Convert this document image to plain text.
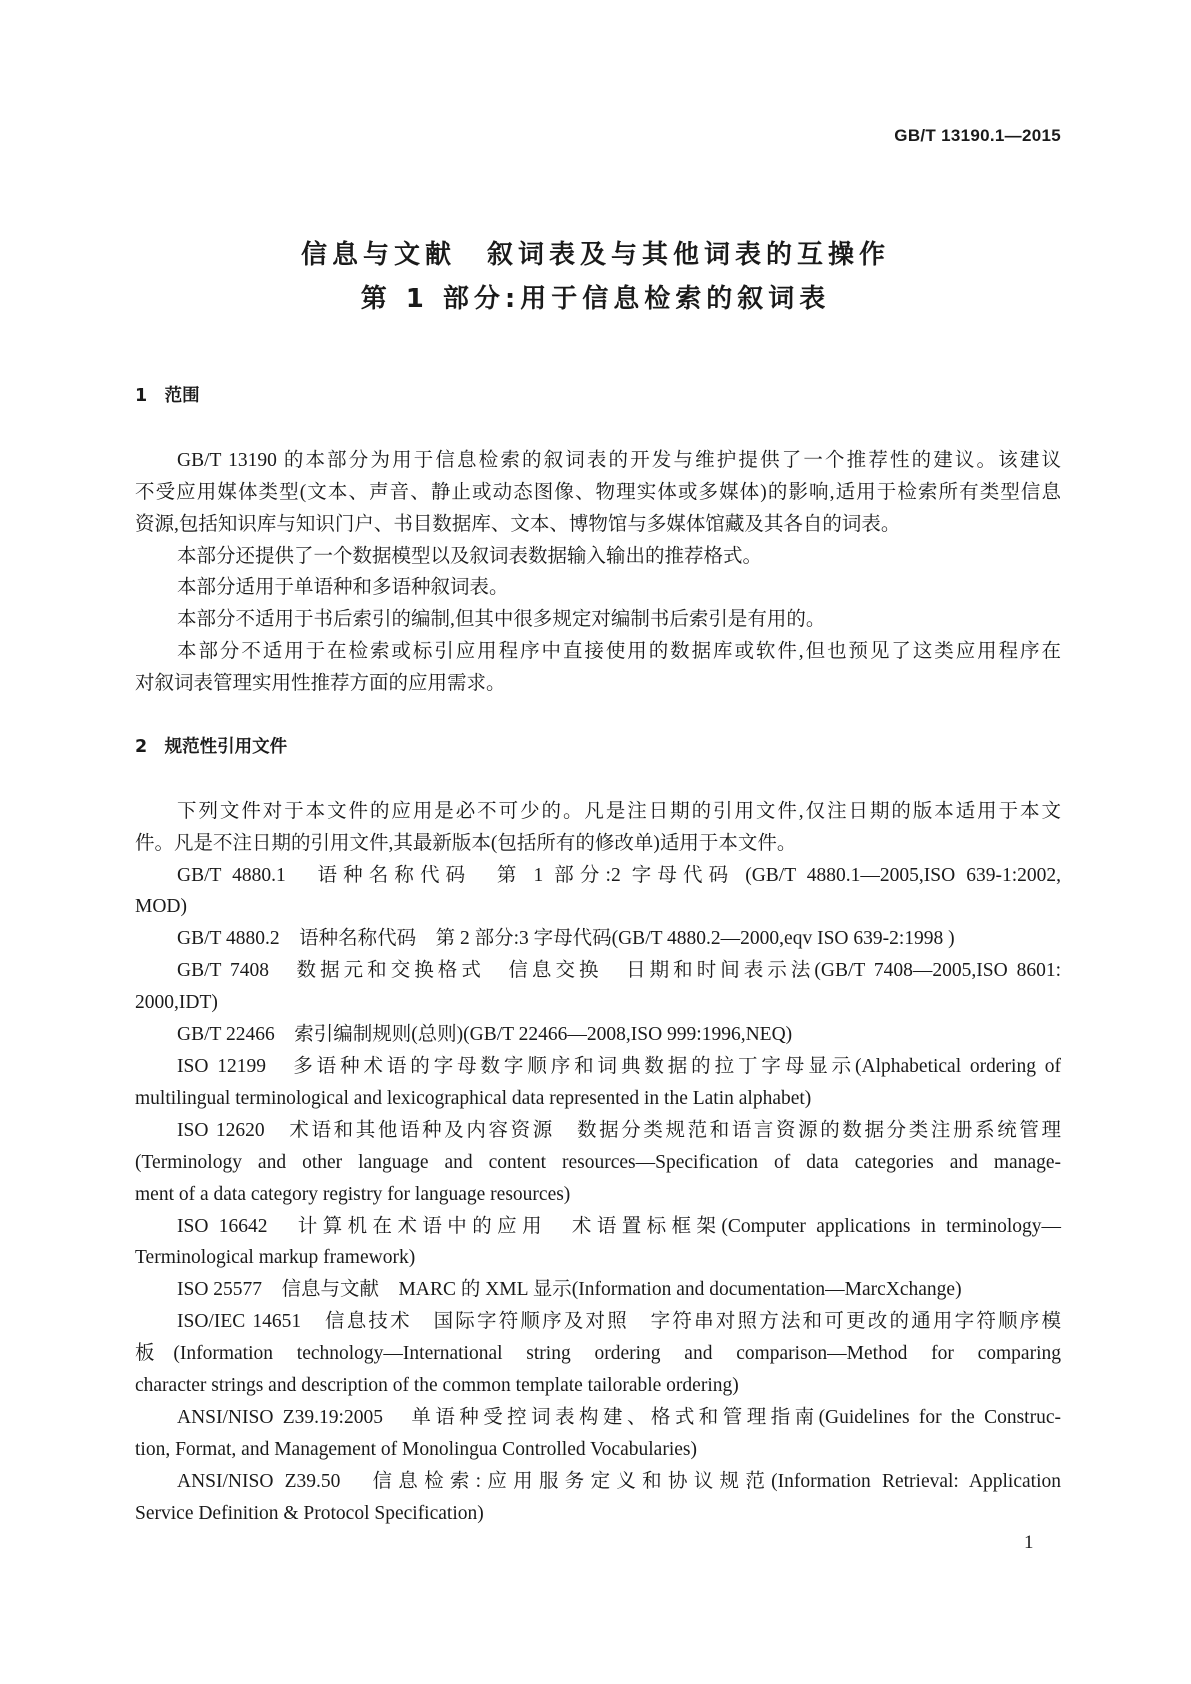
GB/T 13190.1—2015
信息与文献　叙词表及与其他词表的互操作
第 1 部分:用于信息检索的叙词表
1　范围
GB/T 13190 的本部分为用于信息检索的叙词表的开发与维护提供了一个推荐性的建议。该建议
不受应用媒体类型(文本、声音、静止或动态图像、物理实体或多媒体)的影响,适用于检索所有类型信息
资源,包括知识库与知识门户、书目数据库、文本、博物馆与多媒体馆藏及其各自的词表。
本部分还提供了一个数据模型以及叙词表数据输入输出的推荐格式。
本部分适用于单语种和多语种叙词表。
本部分不适用于书后索引的编制,但其中很多规定对编制书后索引是有用的。
本部分不适用于在检索或标引应用程序中直接使用的数据库或软件,但也预见了这类应用程序在
对叙词表管理实用性推荐方面的应用需求。
2　规范性引用文件
下列文件对于本文件的应用是必不可少的。凡是注日期的引用文件,仅注日期的版本适用于本文
件。凡是不注日期的引用文件,其最新版本(包括所有的修改单)适用于本文件。
GB/T 4880.1　语种名称代码　第 1 部分:2 字母代码 (GB/T 4880.1—2005,ISO 639-1:2002,
MOD)
GB/T 4880.2　语种名称代码　第 2 部分:3 字母代码(GB/T 4880.2—2000,eqv ISO 639-2:1998 )
GB/T 7408　数据元和交换格式　信息交换　日期和时间表示法(GB/T 7408—2005,ISO 8601:
2000,IDT)
GB/T 22466　索引编制规则(总则)(GB/T 22466—2008,ISO 999:1996,NEQ)
ISO 12199　多语种术语的字母数字顺序和词典数据的拉丁字母显示(Alphabetical ordering of
multilingual terminological and lexicographical data represented in the Latin alphabet)
ISO 12620　术语和其他语种及内容资源　数据分类规范和语言资源的数据分类注册系统管理
(Terminology and other language and content resources—Specification of data categories and manage-
ment of a data category registry for language resources)
ISO 16642　计算机在术语中的应用　术语置标框架(Computer applications in terminology—
Terminological markup framework)
ISO 25577　信息与文献　MARC 的 XML 显示(Information and documentation—MarcXchange)
ISO/IEC 14651　信息技术　国际字符顺序及对照　字符串对照方法和可更改的通用字符顺序模
板(Information technology—International string ordering and comparison—Method for comparing
character strings and description of the common template tailorable ordering)
ANSI/NISO Z39.19:2005　单语种受控词表构建、格式和管理指南(Guidelines for the Construc-
tion, Format, and Management of Monolingua Controlled Vocabularies)
ANSI/NISO Z39.50　信息检索:应用服务定义和协议规范(Information Retrieval: Application
Service Definition & Protocol Specification)
1
